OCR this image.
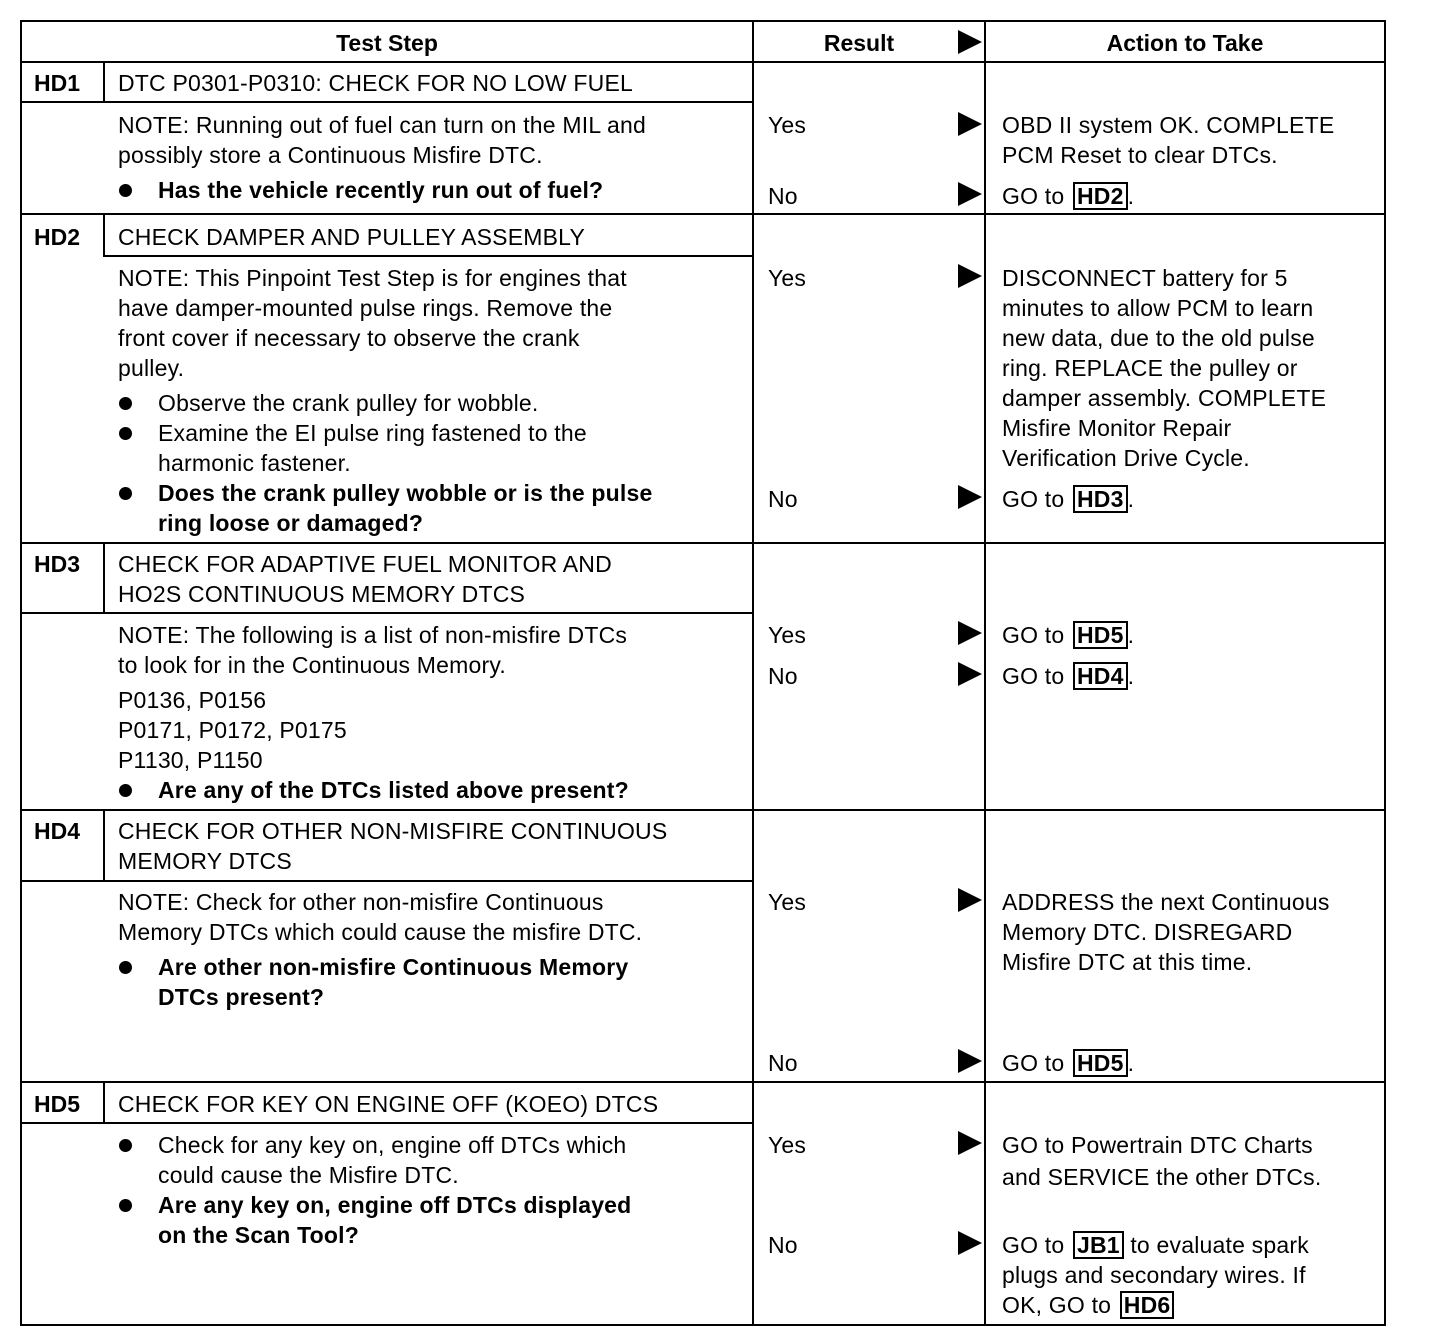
Test Step	Result	Action to Take
HD1 DTC P0301-P0310: CHECK FOR NO LOW FUEL
NOTE: Running out of fuel can turn on the MIL and
possibly store a Continuous Misfire DTC.
Has the vehicle recently run out of fuel?
Yes
No
OBD II system OK. COMPLETE
PCM Reset to clear DTCs.
GO to HD2 .
HD2 CHECK DAMPER AND PULLEY ASSEMBLY
NOTE: This Pinpoint Test Step is for engines that
have damper-mounted pulse rings. Remove the
front cover if necessary to observe the crank
pulley.
Observe the crank pulley for wobble.
Examine the EI pulse ring fastened to the
harmonic fastener.
Does the crank pulley wobble or is the pulse
ring loose or damaged?
Yes
No
DISCONNECT battery for 5
minutes to allow PCM to learn
new data, due to the old pulse
ring. REPLACE the pulley or
damper assembly. COMPLETE
Misfire Monitor Repair
Verification Drive Cycle.
GO to HD3 .
HD3 CHECK FOR ADAPTIVE FUEL MONITOR AND
HO2S CONTINUOUS MEMORY DTCS
NOTE: The following is a list of non-misfire DTCs
to look for in the Continuous Memory.
P0136, P0156
P0171, P0172, P0175
P1130, P1150
Are any of the DTCs listed above present?
Yes
No
GO to HD5 .
GO to HD4 .
HD4 CHECK FOR OTHER NON-MISFIRE CONTINUOUS
MEMORY DTCS
NOTE: Check for other non-misfire Continuous
Memory DTCs which could cause the misfire DTC.
Are other non-misfire Continuous Memory
DTCs present?
Yes
No
ADDRESS the next Continuous
Memory DTC. DISREGARD
Misfire DTC at this time.
GO to HD5 .
HD5 CHECK FOR KEY ON ENGINE OFF (KOEO) DTCS
Check for any key on, engine off DTCs which
could cause the Misfire DTC.
Are any key on, engine off DTCs displayed
on the Scan Tool?
Yes
No
GO to Powertrain DTC Charts
and SERVICE the other DTCs.
GO to JB1 to evaluate spark
plugs and secondary wires. If
OK, GO to HD6
